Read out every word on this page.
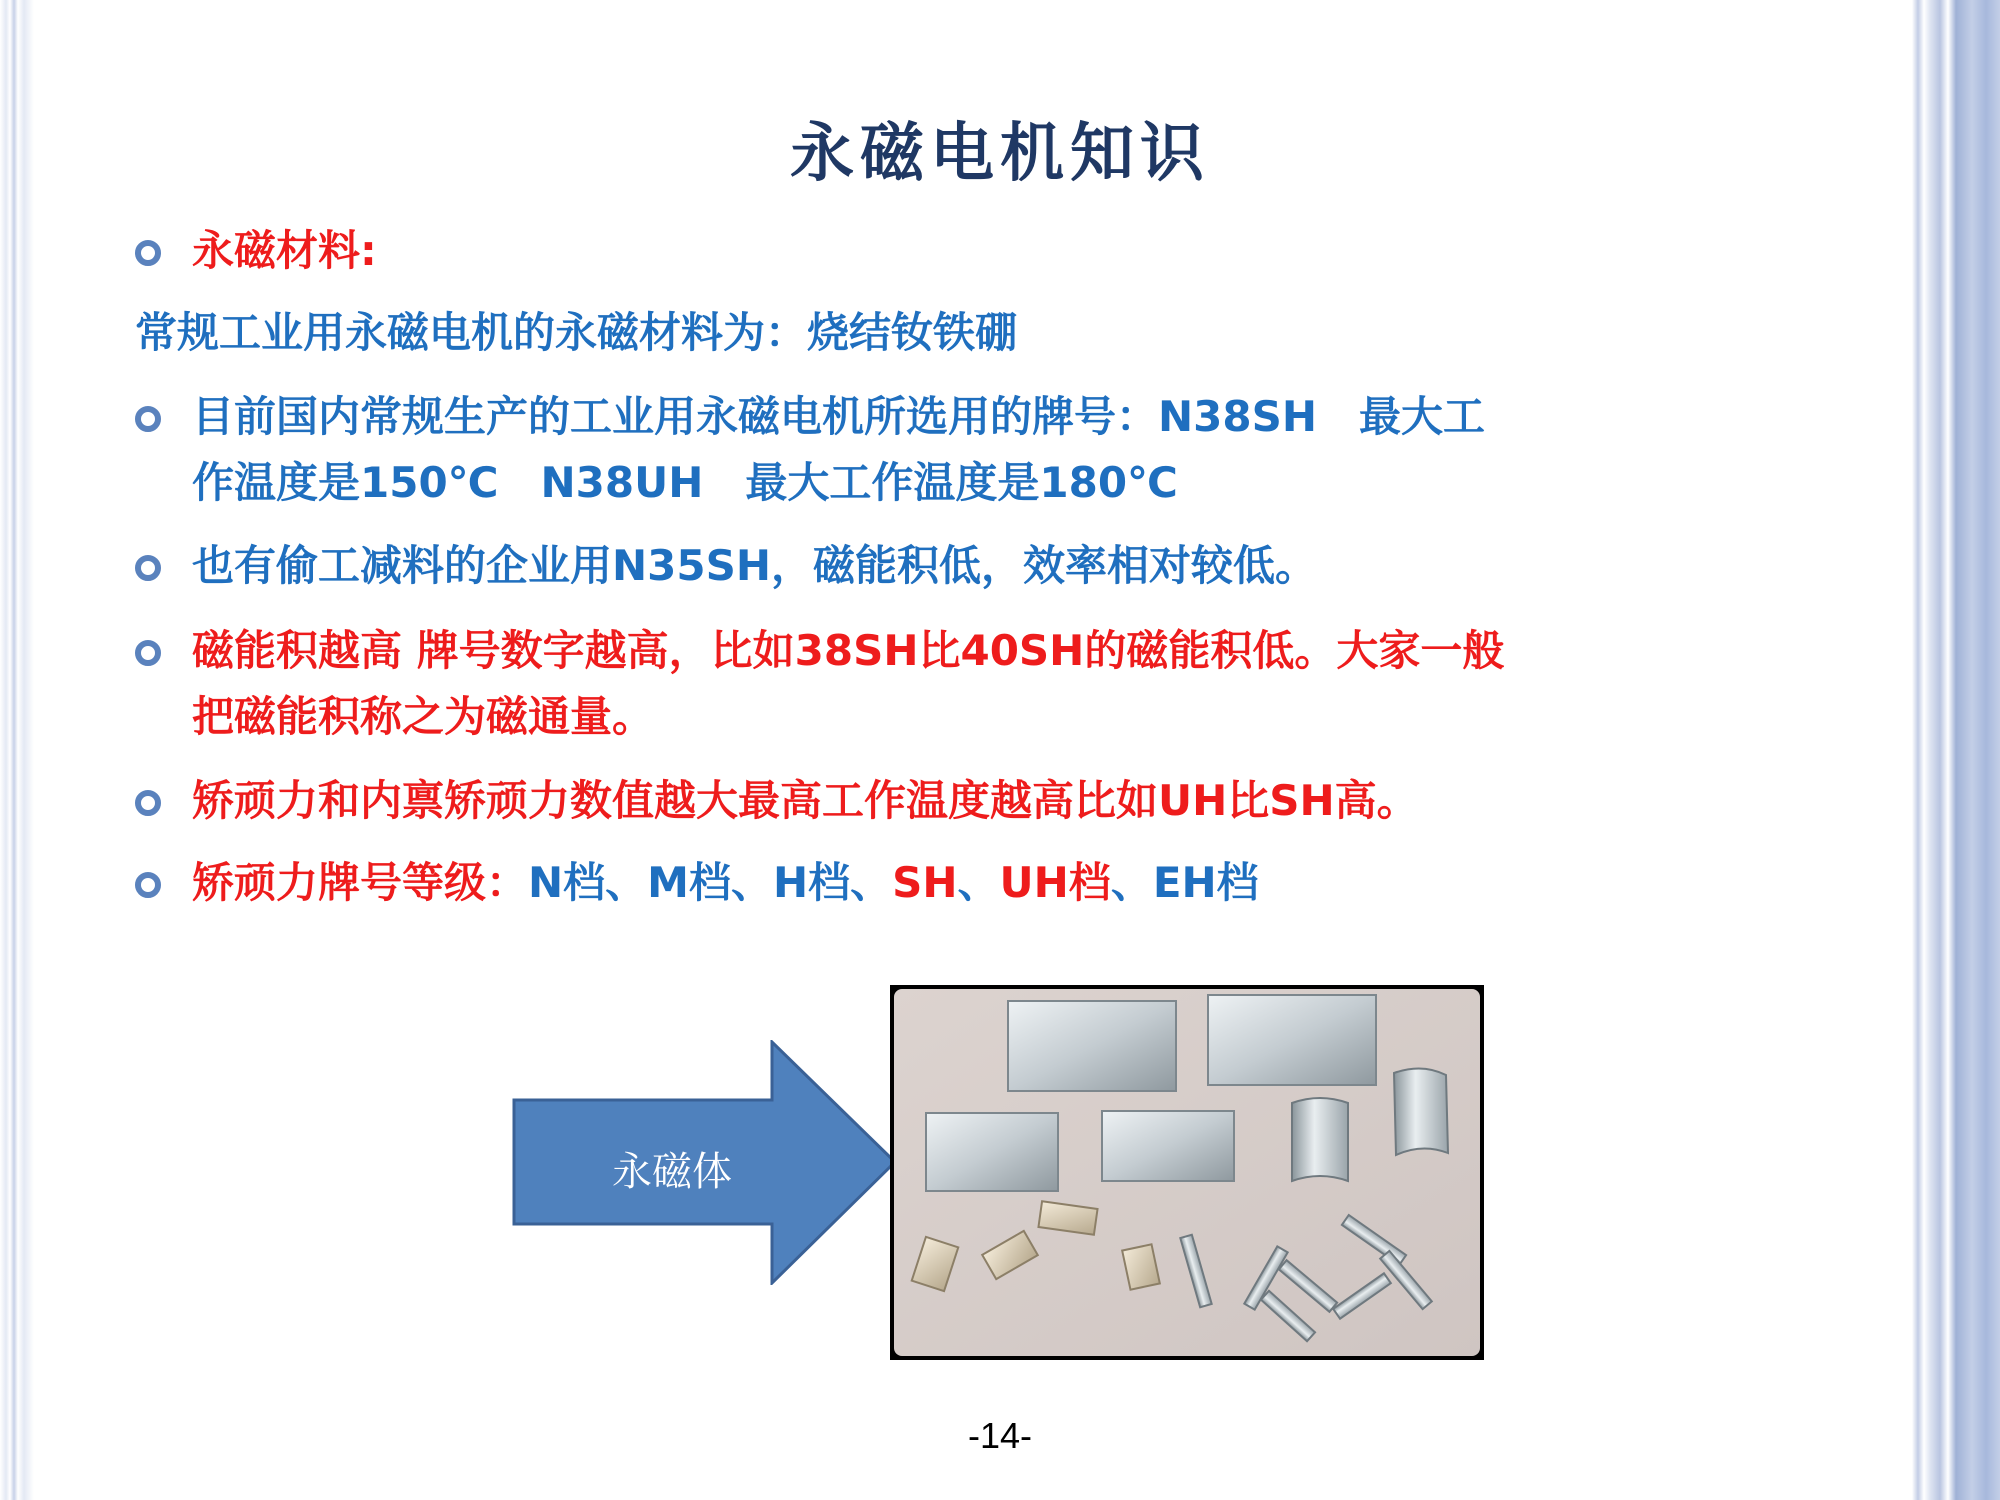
永磁电机知识
永磁材料:
常规工业用永磁电机的永磁材料为：烧结钕铁硼
目前国内常规生产的工业用永磁电机所选用的牌号：N38SH　最大工
作温度是150℃　N38UH　最大工作温度是180℃
也有偷工减料的企业用N35SH，磁能积低，效率相对较低。
磁能积越高 牌号数字越高，比如38SH比40SH的磁能积低。大家一般
把磁能积称之为磁通量。
矫顽力和内禀矫顽力数值越大最高工作温度越高比如UH比SH高。
矫顽力牌号等级：N档、M档、H档、SH、UH档、EH档
永磁体
-14-
